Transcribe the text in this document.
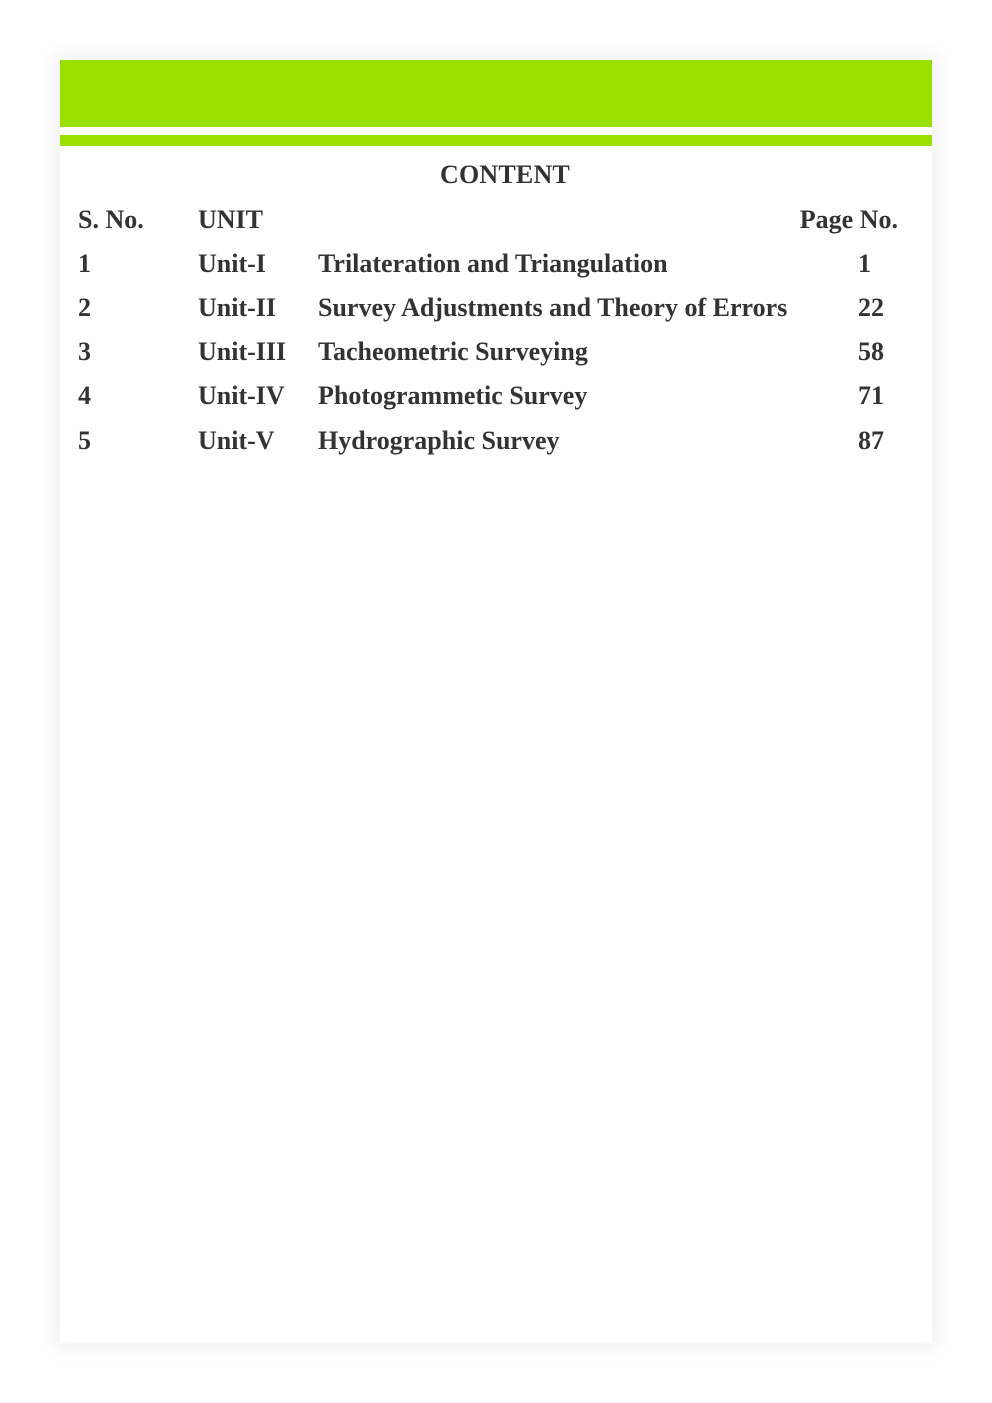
CONTENT
S. No. UNIT	Page No.
1	Unit-I Trilateration and Triangulation	1
2	Unit-II Survey Adjustments and Theory of Errors	22
3	Unit-III Tacheometric Surveying	58
4	Unit-IV Photogrammetic Survey	71
5	Unit-V Hydrographic Survey	87
